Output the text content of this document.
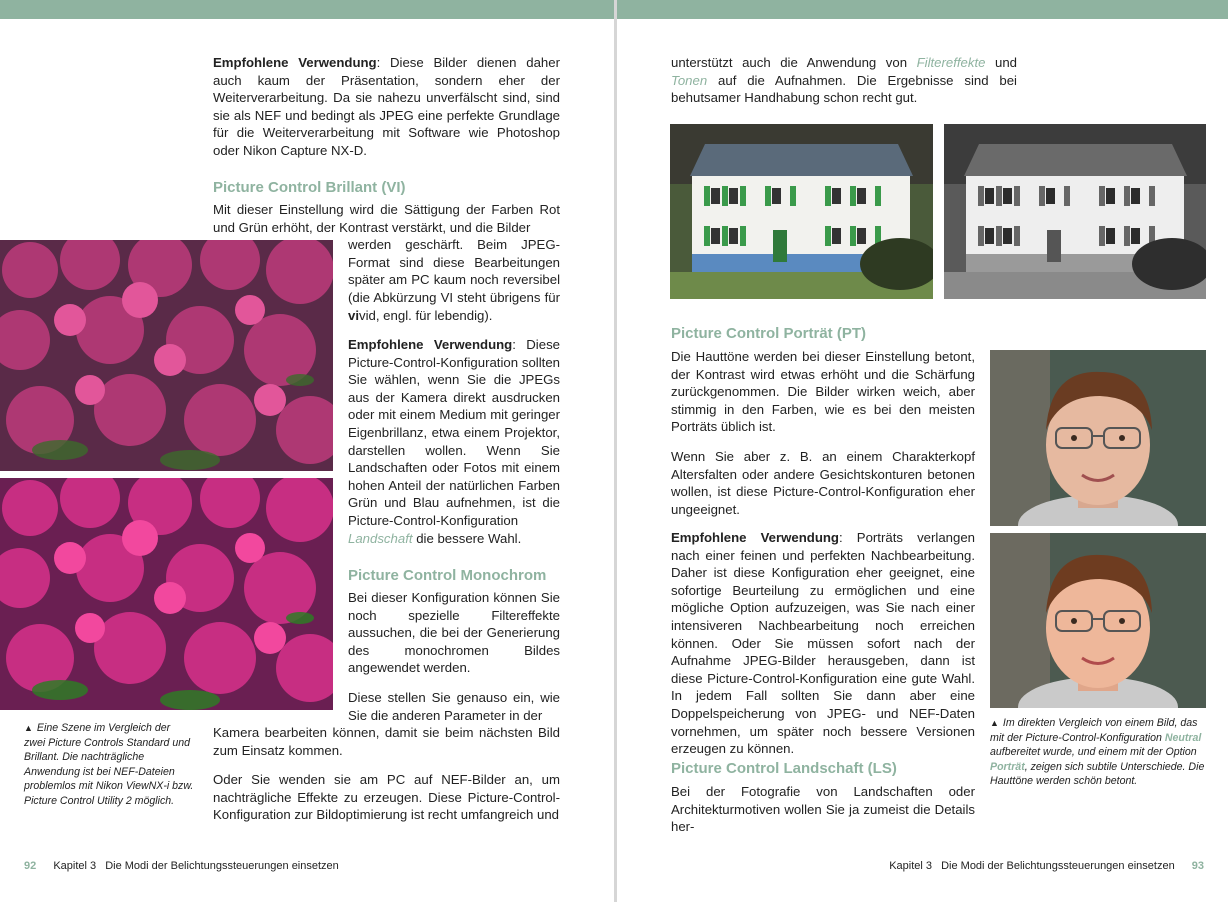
Empfohlene Verwendung: Diese Bilder dienen daher auch kaum der Präsentation, sondern eher der Weiterverarbeitung. Da sie nahezu unverfälscht sind, sind sie als NEF und bedingt als JPEG eine perfekte Grundlage für die Weiterverarbeitung mit Software wie Photoshop oder Nikon Capture NX-D.

Picture Control Brillant (VI)

Mit dieser Einstellung wird die Sättigung der Farben Rot und Grün erhöht, der Kontrast verstärkt, und die Bilder

werden geschärft. Beim JPEG-Format sind diese Bearbeitungen später am PC kaum noch reversibel (die Abkürzung VI steht übrigens für vivid, engl. für lebendig).

Empfohlene Verwendung: Diese Picture-Control-Konfiguration sollten Sie wählen, wenn Sie die JPEGs aus der Kamera direkt ausdrucken oder mit einem Medium mit geringer Eigenbrillanz, etwa einem Projektor, darstellen wollen. Wenn Sie Landschaften oder Fotos mit einem hohen Anteil der natürlichen Farben Grün und Blau aufnehmen, ist die Picture-Control-Konfiguration Landschaft die bessere Wahl.

Picture Control Monochrom

Bei dieser Konfiguration können Sie noch spezielle Filtereffekte aussuchen, die bei der Generierung des monochromen Bildes angewendet werden.

Diese stellen Sie genauso ein, wie Sie die anderen Parameter in der

Kamera bearbeiten können, damit sie beim nächsten Bild zum Einsatz kommen.

Oder Sie wenden sie am PC auf NEF-Bilder an, um nachträgliche Effekte zu erzeugen. Diese Picture-Control-Konfiguration zur Bildoptimierung ist recht umfangreich und

▲ Eine Szene im Vergleich der zwei Picture Controls Standard und Brillant. Die nachträgliche Anwendung ist bei NEF-Dateien problemlos mit Nikon ViewNX-i bzw. Picture Control Utility 2 möglich.
92 Kapitel 3 Die Modi der Belichtungssteuerungen einsetzen

unterstützt auch die Anwendung von Filtereffekte und Tonen auf die Aufnahmen. Die Ergebnisse sind bei behutsamer Handhabung schon recht gut.

Picture Control Porträt (PT)

Die Hauttöne werden bei dieser Einstellung betont, der Kontrast wird etwas erhöht und die Schärfung zurückgenommen. Die Bilder wirken weich, aber stimmig in den Farben, wie es bei den meisten Porträts üblich ist.

Wenn Sie aber z. B. an einem Charakterkopf Altersfalten oder andere Gesichtskonturen betonen wollen, ist diese Picture-Control-Konfiguration eher ungeeignet.

Empfohlene Verwendung: Porträts verlangen nach einer feinen und perfekten Nachbearbeitung. Daher ist diese Konfiguration eher geeignet, eine sofortige Beurteilung zu ermöglichen und eine mögliche Option aufzuzeigen, was Sie nach einer intensiveren Nachbearbeitung noch erreichen können. Oder Sie müssen sofort nach der Aufnahme JPEG-Bilder herausgeben, dann ist diese Picture-Control-Konfiguration eine gute Wahl. In jedem Fall sollten Sie dann aber eine Doppelspeicherung von JPEG- und NEF-Daten vornehmen, um später noch bessere Versionen erzeugen zu können.

Picture Control Landschaft (LS)

Bei der Fotografie von Landschaften oder Architekturmotiven wollen Sie ja zumeist die Details her-

▲ Im direkten Vergleich von einem Bild, das mit der Picture-Control-Konfiguration Neutral aufbereitet wurde, und einem mit der Option Porträt, zeigen sich subtile Unterschiede. Die Hauttöne werden schön betont.
Kapitel 3 Die Modi der Belichtungssteuerungen einsetzen 93
